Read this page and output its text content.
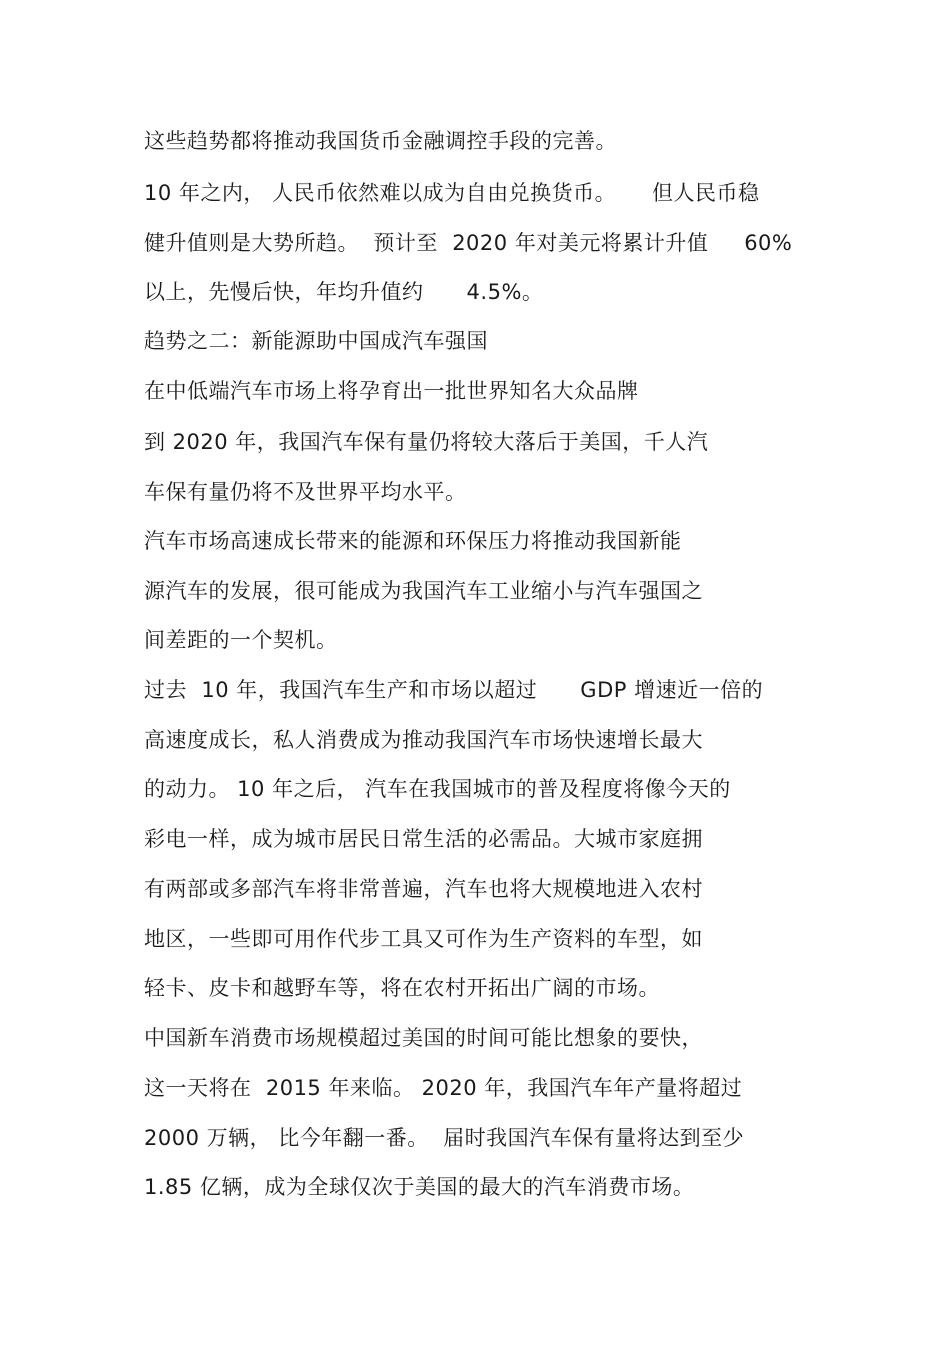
这些趋势都将推动我国货币金融调控手段的完善。
10 年之内， 人民币依然难以成为自由兑换货币。     但人民币稳
健升值则是大势所趋。  预计至  2020 年对美元将累计升值     60%
以上，先慢后快，年均升值约      4.5%。
趋势之二：新能源助中国成汽车强国
在中低端汽车市场上将孕育出一批世界知名大众品牌
到 2020 年，我国汽车保有量仍将较大落后于美国，千人汽
车保有量仍将不及世界平均水平。
汽车市场高速成长带来的能源和环保压力将推动我国新能
源汽车的发展，很可能成为我国汽车工业缩小与汽车强国之
间差距的一个契机。
过去  10 年，我国汽车生产和市场以超过      GDP 增速近一倍的
高速度成长，私人消费成为推动我国汽车市场快速增长最大
的动力。 10 年之后， 汽车在我国城市的普及程度将像今天的
彩电一样，成为城市居民日常生活的必需品。大城市家庭拥
有两部或多部汽车将非常普遍，汽车也将大规模地进入农村
地区，一些即可用作代步工具又可作为生产资料的车型，如
轻卡、皮卡和越野车等，将在农村开拓出广阔的市场。
中国新车消费市场规模超过美国的时间可能比想象的要快，
这一天将在  2015 年来临。 2020 年，我国汽车年产量将超过
2000 万辆， 比今年翻一番。  届时我国汽车保有量将达到至少
1.85 亿辆，成为全球仅次于美国的最大的汽车消费市场。
